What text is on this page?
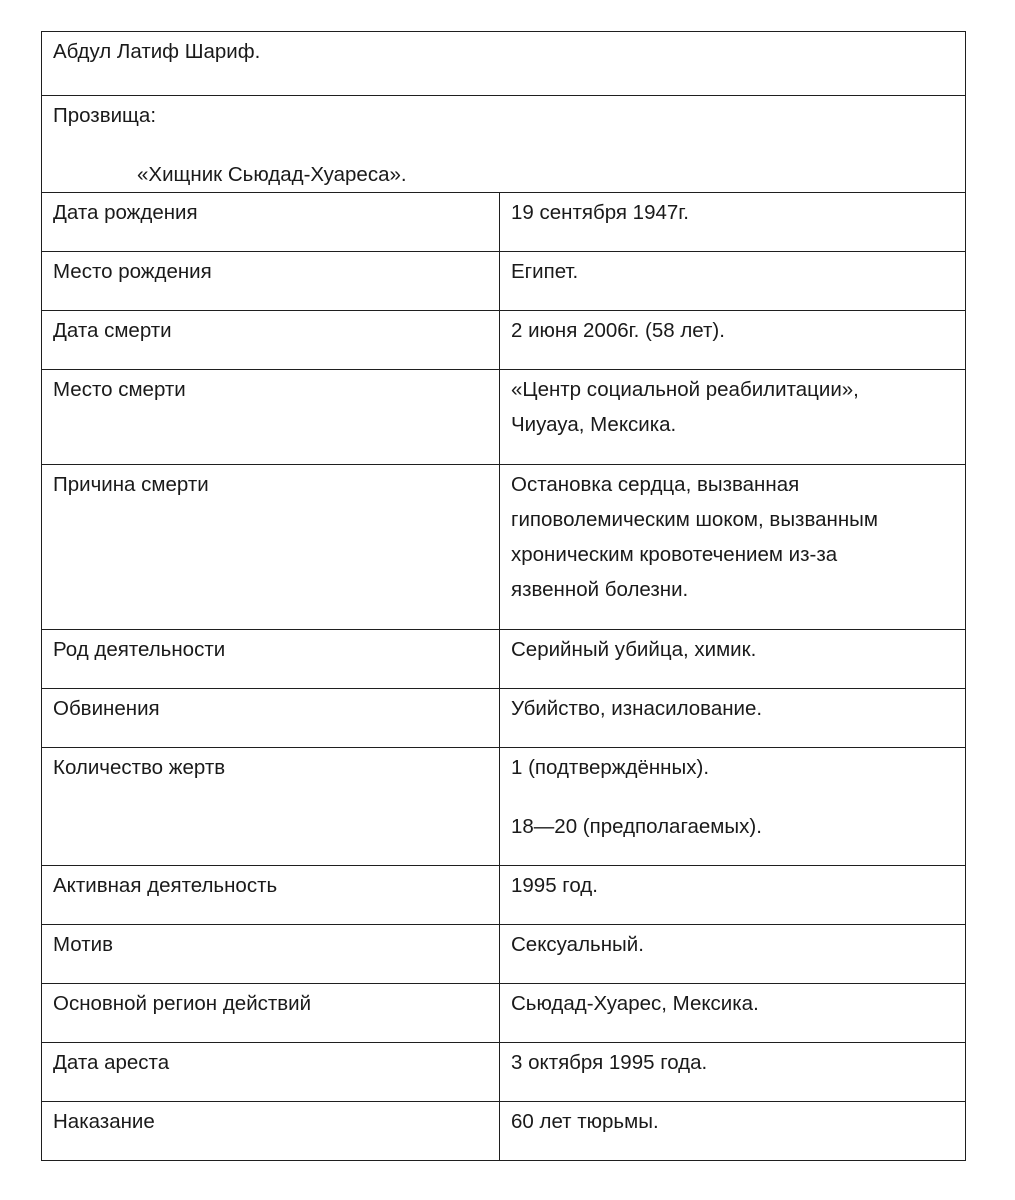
Абдул Латиф Шариф.	

Прозвища:
«Хищник Сьюдад-Хуареса».	

Дата рождения	19 сентября 1947г.

Место рождения	Египет.

Дата смерти	2 июня 2006г. (58 лет).

Место смерти	«Центр социальной реабилитации»,
Чиуауа, Мексика.

Причина смерти	Остановка сердца, вызванная
гиповолемическим шоком, вызванным
хроническим кровотечением из-за
язвенной болезни.

Род деятельности	Серийный убийца, химик.

Обвинения	Убийство, изнасилование.

Количество жертв	1 (подтверждённых).
18—20 (предполагаемых).

Активная деятельность	1995 год.

Мотив	Сексуальный.

Основной регион действий	Сьюдад-Хуарес, Мексика.

Дата ареста	3 октября 1995 года.

Наказание	60 лет тюрьмы.
